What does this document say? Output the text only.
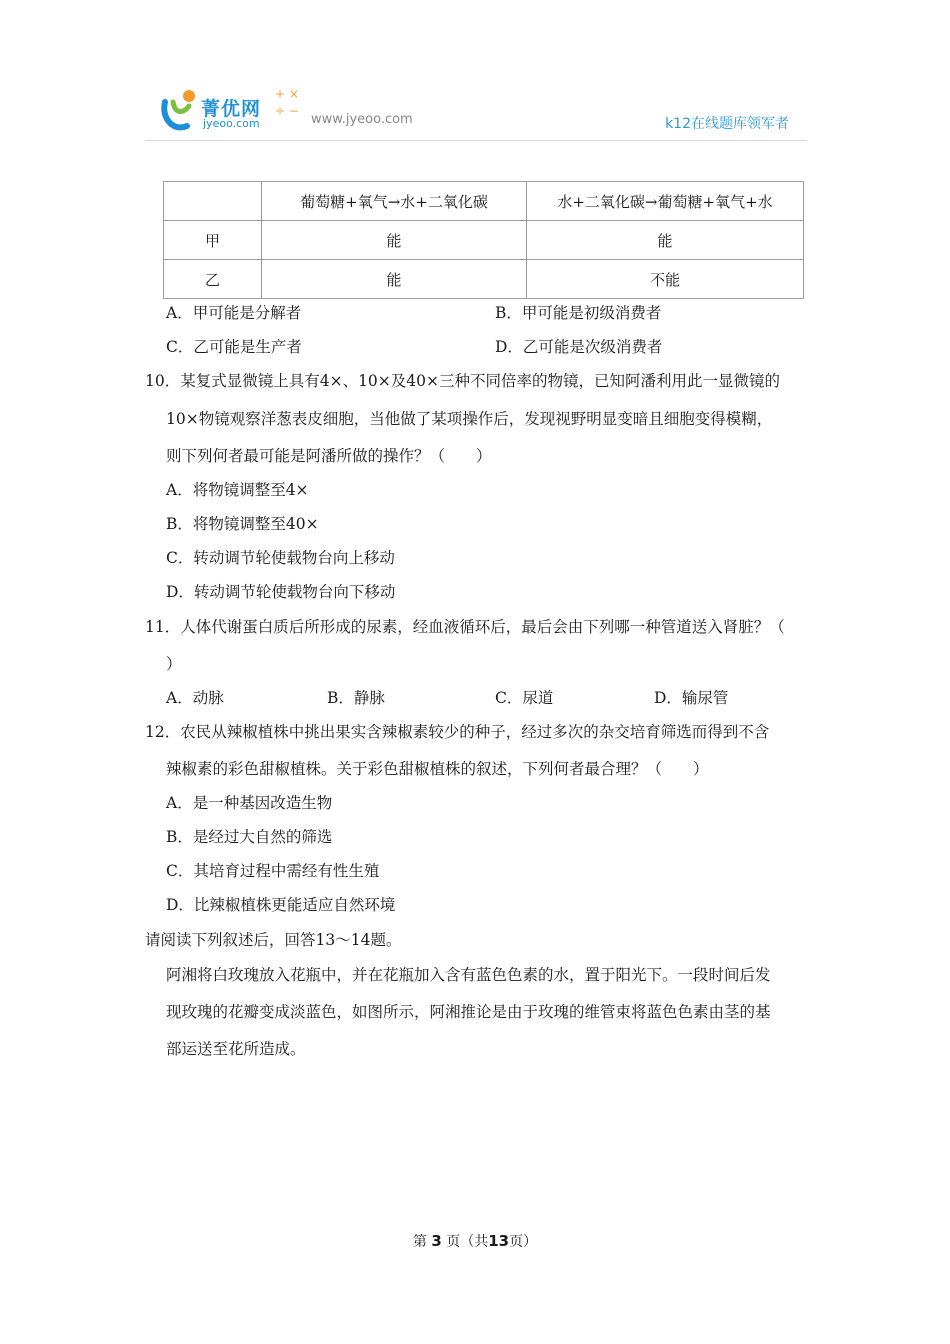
菁优网
jyeoo.com
+ × ÷ −
www.jyeoo.com	k12在线题库领军者
	葡萄糖+氧气→水+二氧化碳	水+二氧化碳→葡萄糖+氧气+水
甲	能	能
乙	能	不能
A．甲可能是分解者	B．甲可能是初级消费者
C．乙可能是生产者	D．乙可能是次级消费者
10．某复式显微镜上具有4×、10×及40×三种不同倍率的物镜，已知阿潘利用此一显微镜的
10×物镜观察洋葱表皮细胞，当他做了某项操作后，发现视野明显变暗且细胞变得模糊，
则下列何者最可能是阿潘所做的操作？（　　）
A．将物镜调整至4×
B．将物镜调整至40×
C．转动调节轮使载物台向上移动
D．转动调节轮使载物台向下移动
11．人体代谢蛋白质后所形成的尿素，经血液循环后，最后会由下列哪一种管道送入肾脏？（
）
A．动脉	B．静脉	C．尿道	D．输尿管
12．农民从辣椒植株中挑出果实含辣椒素较少的种子，经过多次的杂交培育筛选而得到不含
辣椒素的彩色甜椒植株。关于彩色甜椒植株的叙述，下列何者最合理？（　　）
A．是一种基因改造生物
B．是经过大自然的筛选
C．其培育过程中需经有性生殖
D．比辣椒植株更能适应自然环境
请阅读下列叙述后，回答13～14题。
阿湘将白玫瑰放入花瓶中，并在花瓶加入含有蓝色色素的水，置于阳光下。一段时间后发
现玫瑰的花瓣变成淡蓝色，如图所示，阿湘推论是由于玫瑰的维管束将蓝色色素由茎的基
部运送至花所造成。
第 3 页（共13页）
